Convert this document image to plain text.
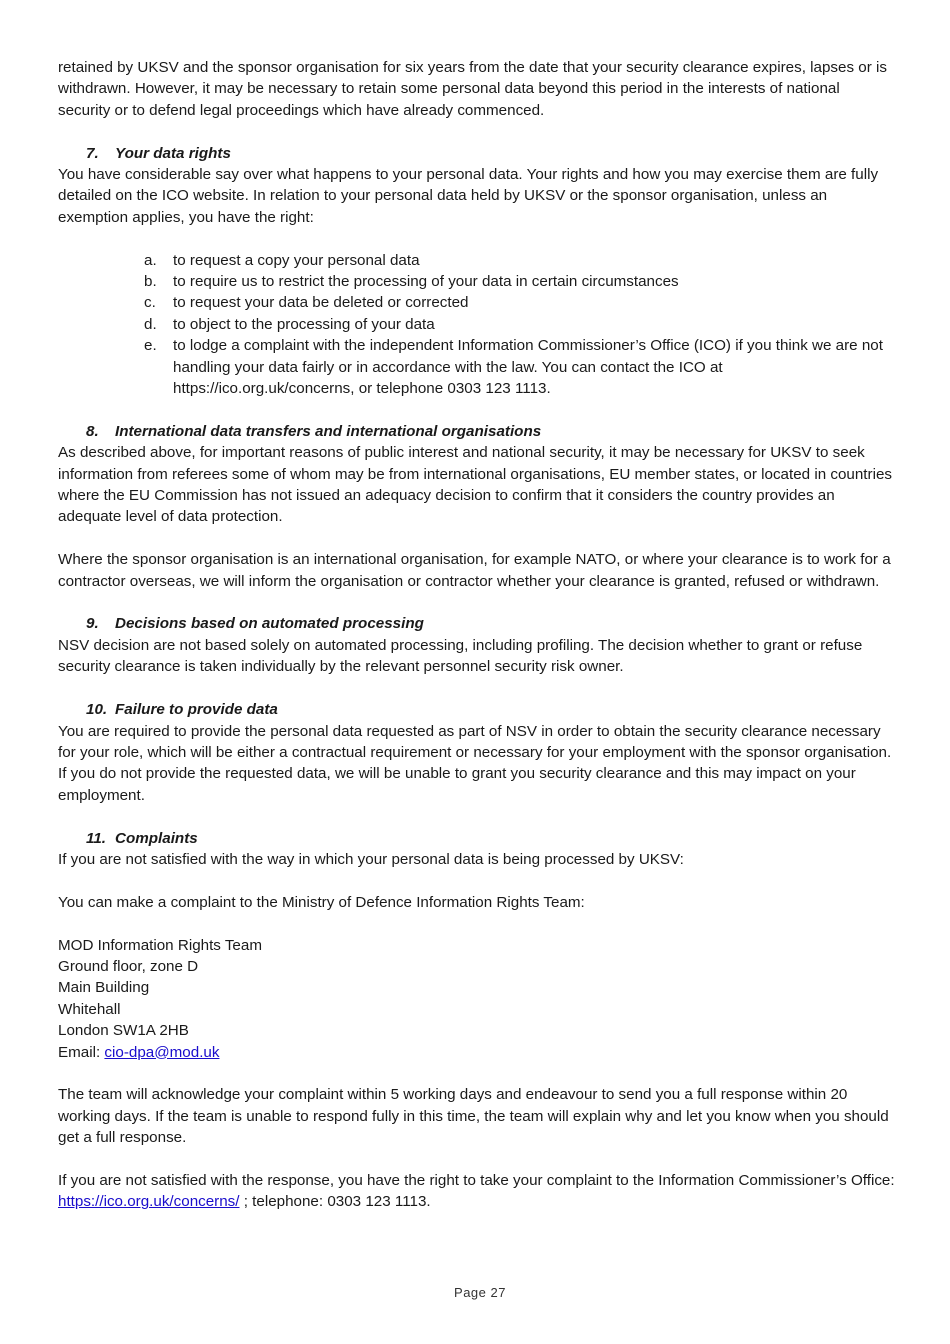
retained by UKSV and the sponsor organisation for six years from the date that your security clearance expires, lapses or is withdrawn. However, it may be necessary to retain some personal data beyond this period in the interests of national security or to defend legal proceedings which have already commenced.

7.	Your data rights

You have considerable say over what happens to your personal data. Your rights and how you may exercise them are fully detailed on the ICO website. In relation to your personal data held by UKSV or the sponsor organisation, unless an exemption applies, you have the right:

a.	to request a copy your personal data
b.	to require us to restrict the processing of your data in certain circumstances
c.	to request your data be deleted or corrected
d.	to object to the processing of your data
e.	to lodge a complaint with the independent Information Commissioner’s Office (ICO) if you think we are not handling your data fairly or in accordance with the law. You can contact the ICO at https://ico.org.uk/concerns, or telephone 0303 123 1113.
8.	International data transfers and international organisations

As described above, for important reasons of public interest and national security, it may be necessary for UKSV to seek information from referees some of whom may be from international organisations, EU member states, or located in countries where the EU Commission has not issued an adequacy decision to confirm that it considers the country provides an adequate level of data protection.

Where the sponsor organisation is an international organisation, for example NATO, or where your clearance is to work for a contractor overseas, we will inform the organisation or contractor whether your clearance is granted, refused or withdrawn.

9.	Decisions based on automated processing

NSV decision are not based solely on automated processing, including profiling. The decision whether to grant or refuse security clearance is taken individually by the relevant personnel security risk owner.

10. Failure to provide data

You are required to provide the personal data requested as part of NSV in order to obtain the security clearance necessary for your role, which will be either a contractual requirement or necessary for your employment with the sponsor organisation. If you do not provide the requested data, we will be unable to grant you security clearance and this may impact on your employment.

11. Complaints

If you are not satisfied with the way in which your personal data is being processed by UKSV:

You can make a complaint to the Ministry of Defence Information Rights Team:

MOD Information Rights Team

Ground floor, zone D

Main Building

Whitehall

London SW1A 2HB

Email: cio-dpa@mod.uk

The team will acknowledge your complaint within 5 working days and endeavour to send you a full response within 20 working days. If the team is unable to respond fully in this time, the team will explain why and let you know when you should get a full response.

If you are not satisfied with the response, you have the right to take your complaint to the Information Commissioner’s Office: https://ico.org.uk/concerns/ ; telephone: 0303 123 1113.

Page 27
